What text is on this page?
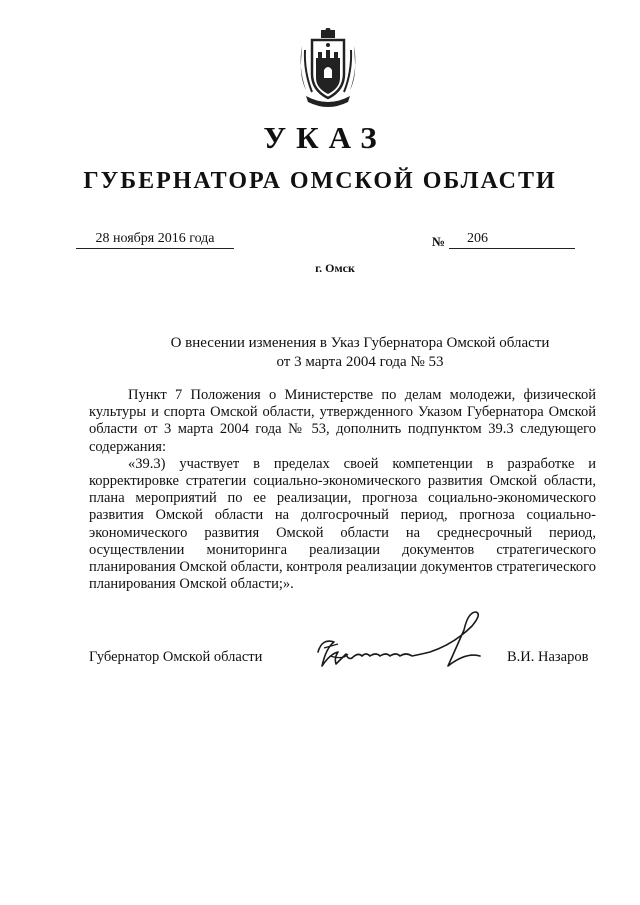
УКАЗ
ГУБЕРНАТОРА ОМСКОЙ ОБЛАСТИ
28 ноября 2016 года	№	206
г. Омск
О внесении изменения в Указ Губернатора Омской области
от 3 марта 2004 года № 53

Пункт 7 Положения о Министерстве по делам молодежи, физической культуры и спорта Омской области, утвержденного Указом Губернатора Омской области от 3 марта 2004 года № 53, дополнить подпунктом 39.3 следующего содержания:

«39.3) участвует в пределах своей компетенции в разработке и корректировке стратегии социально-экономического развития Омской области, плана мероприятий по ее реализации, прогноза социально-экономического развития Омской области на долгосрочный период, прогноза социально-экономического развития Омской области на среднесрочный период, осуществлении мониторинга реализации документов стратегического планирования Омской области, контроля реализации документов стратегического планирования Омской области;».

Губернатор Омской области	В.И. Назаров
